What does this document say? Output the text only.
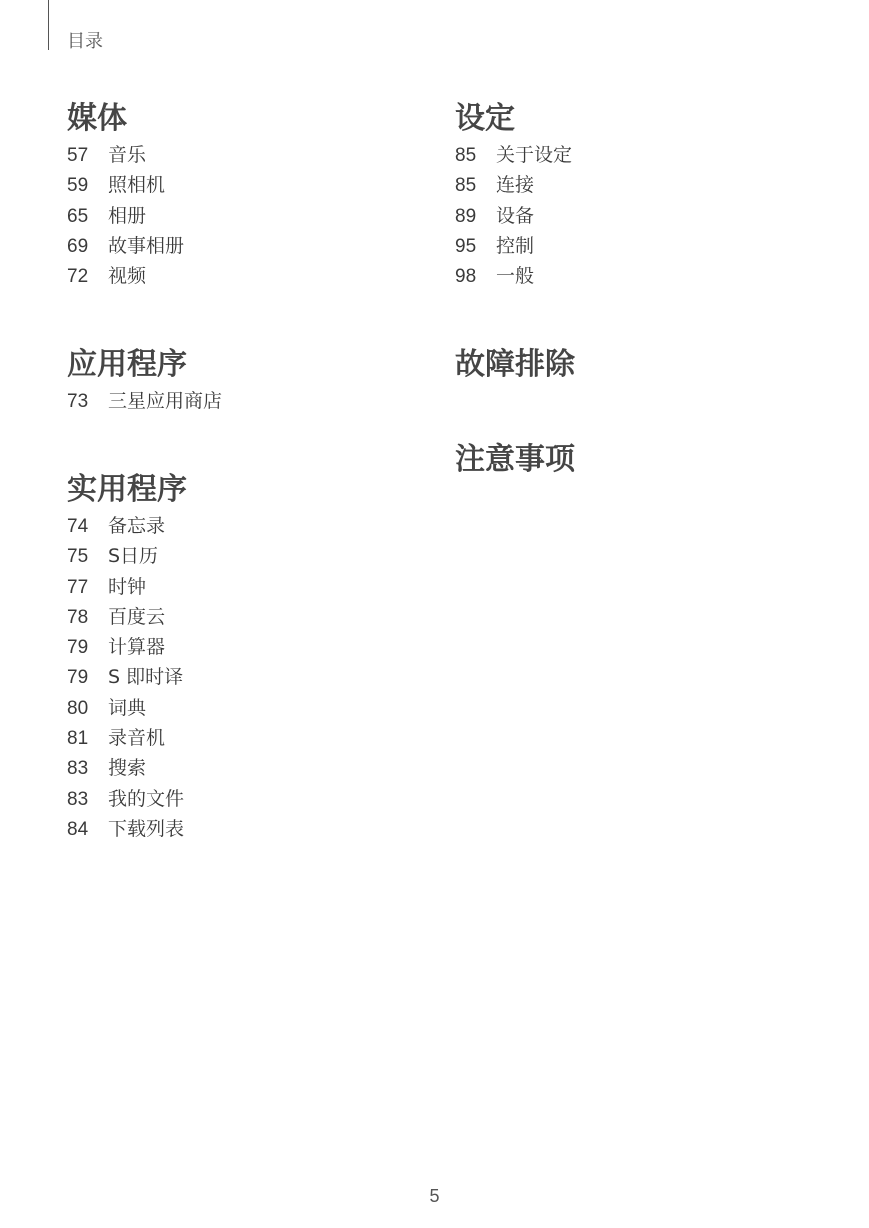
目录
媒体
57	音乐
59	照相机
65	相册
69	故事相册
72	视频
应用程序
73	三星应用商店
实用程序
74	备忘录
75	S日历
77	时钟
78	百度云
79	计算器
79	S 即时译
80	词典
81	录音机
83	搜索
83	我的文件
84	下载列表
设定
85	关于设定
85	连接
89	设备
95	控制
98	一般
故障排除
注意事项
5
